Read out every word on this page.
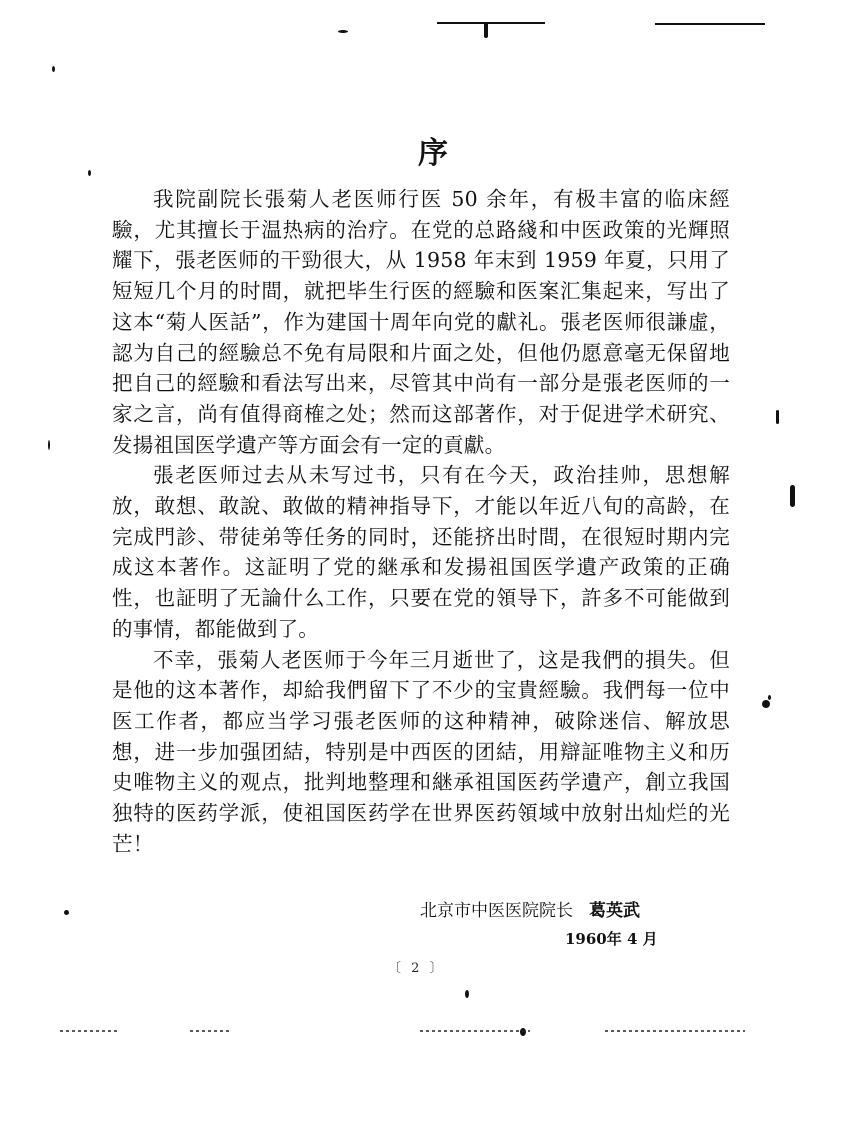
序

我院副院长張菊人老医师行医 50 余年，有极丰富的临床經驗，尤其擅长于温热病的治疗。在党的总路綫和中医政策的光輝照耀下，張老医师的干勁很大，从 1958 年末到 1959 年夏，只用了短短几个月的时間，就把毕生行医的經驗和医案汇集起来，写出了这本“菊人医話”，作为建国十周年向党的獻礼。張老医师很謙虛，認为自己的經驗总不免有局限和片面之处，但他仍愿意毫无保留地把自己的經驗和看法写出来，尽管其中尚有一部分是張老医师的一家之言，尚有值得商榷之处；然而这部著作，对于促进学术研究、发揚祖国医学遺产等方面会有一定的貢獻。

張老医师过去从未写过书，只有在今天，政治挂帅，思想解放，敢想、敢說、敢做的精神指导下，才能以年近八旬的高龄，在完成門診、带徒弟等任务的同时，还能挤出时間，在很短时期内完成这本著作。这証明了党的継承和发揚祖国医学遺产政策的正确性，也証明了无論什么工作，只要在党的領导下，許多不可能做到的事情，都能做到了。

不幸，張菊人老医师于今年三月逝世了，这是我們的損失。但是他的这本著作，却給我們留下了不少的宝貴經驗。我們每一位中医工作者，都应当学习張老医师的这种精神，破除迷信、解放思想，进一步加强团結，特别是中西医的团結，用辯証唯物主义和历史唯物主义的观点，批判地整理和継承祖国医药学遺产，創立我国独特的医药学派，使祖国医药学在世界医药領域中放射出灿烂的光芒！

北京市中医医院院长 葛英武
1960年 4 月
〔 2 〕
